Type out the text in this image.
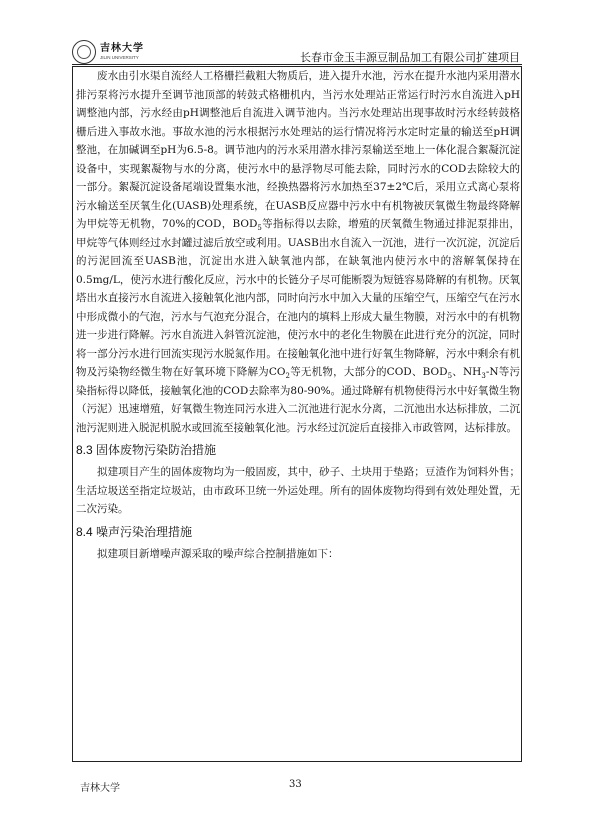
吉林大学
JILIN UNIVERSITY	长春市金玉丰源豆制品加工有限公司扩建项目

废水由引水渠自流经人工格栅拦截粗大物质后，进入提升水池，污水在提升水池内采用潜水排污泵将污水提升至调节池顶部的转鼓式格栅机内，当污水处理站正常运行时污水自流进入pH调整池内部，污水经由pH调整池后自流进入调节池内。当污水处理站出现事故时污水经转鼓格栅后进入事故水池。事故水池的污水根据污水处理站的运行情况将污水定时定量的输送至pH调整池，在加碱调至pH为6.5-8。调节池内的污水采用潜水排污泵输送至地上一体化混合絮凝沉淀设备中，实现絮凝物与水的分离，使污水中的悬浮物尽可能去除，同时污水的COD去除较大的一部分。絮凝沉淀设备尾端设置集水池，经换热器将污水加热至37±2℃后，采用立式离心泵将污水输送至厌氧生化(UASB)处理系统，在UASB反应器中污水中有机物被厌氧微生物最终降解为甲烷等无机物，70%的COD，$BOD_5$等指标得以去除，增殖的厌氧微生物通过排泥泵排出，甲烷等气体则经过水封罐过滤后放空或利用。UASB出水自流入一沉池，进行一次沉淀，沉淀后的污泥回流至UASB池，沉淀出水进入缺氧池内部，在缺氧池内使污水中的溶解氧保持在0.5mg/L，使污水进行酸化反应，污水中的长链分子尽可能断裂为短链容易降解的有机物。厌氧塔出水直接污水自流进入接触氧化池内部，同时向污水中加入大量的压缩空气，压缩空气在污水中形成微小的气泡，污水与气泡充分混合，在池内的填料上形成大量生物膜，对污水中的有机物进一步进行降解。污水自流进入斜管沉淀池，使污水中的老化生物膜在此进行充分的沉淀，同时将一部分污水进行回流实现污水脱氮作用。在接触氧化池中进行好氧生物降解，污水中剩余有机物及污染物经微生物在好氧环境下降解为$CO_2$等无机物，大部分的COD、$BOD_5$、$NH_3-N$等污染指标得以降低，接触氧化池的COD去除率为80-90%。通过降解有机物使得污水中好氧微生物（污泥）迅速增殖，好氧微生物连同污水进入二沉池进行泥水分离，二沉池出水达标排放，二沉池污泥则进入脱泥机脱水或回流至接触氧化池。污水经过沉淀后直接排入市政管网，达标排放。

8.3 固体废物污染防治措施

拟建项目产生的固体废物均为一般固废，其中，砂子、土块用于垫路；豆渣作为饲料外售；生活垃圾送至指定垃圾站，由市政环卫统一外运处理。所有的固体废物均得到有效处理处置，无二次污染。

8.4 噪声污染治理措施

拟建项目新增噪声源采取的噪声综合控制措施如下：

吉林大学	33
